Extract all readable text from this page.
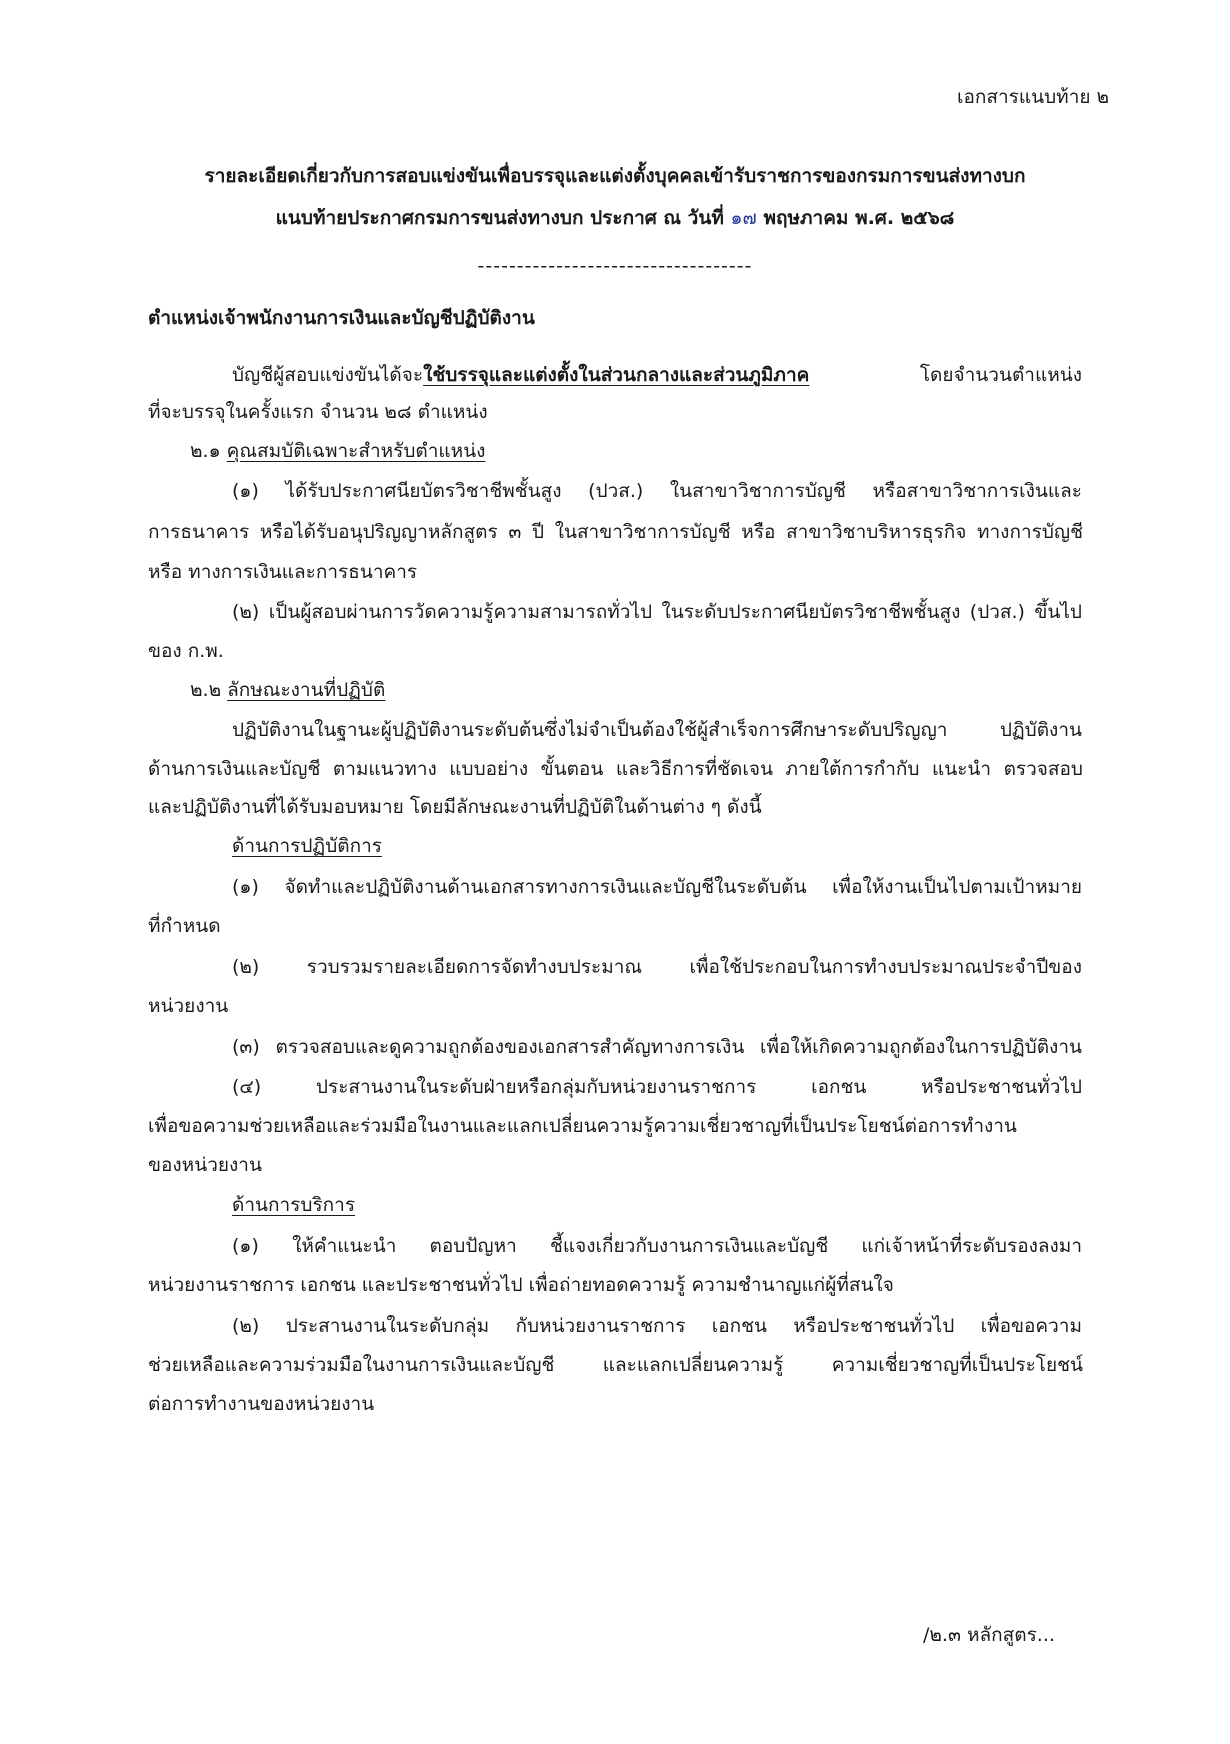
เอกสารแนบท้าย ๒
รายละเอียดเกี่ยวกับการสอบแข่งขันเพื่อบรรจุและแต่งตั้งบุคคลเข้ารับราชการของกรมการขนส่งทางบก
แนบท้ายประกาศกรมการขนส่งทางบก ประกาศ ณ วันที่ ๑๗ พฤษภาคม พ.ศ. ๒๕๖๘
-----------------------------------
ตำแหน่งเจ้าพนักงานการเงินและบัญชีปฏิบัติงาน
บัญชีผู้สอบแข่งขันได้จะใช้บรรจุและแต่งตั้งในส่วนกลางและส่วนภูมิภาค โดยจำนวนตำแหน่ง
ที่จะบรรจุในครั้งแรก จำนวน ๒๘ ตำแหน่ง
๒.๑ คุณสมบัติเฉพาะสำหรับตำแหน่ง
(๑) ได้รับประกาศนียบัตรวิชาชีพชั้นสูง (ปวส.) ในสาขาวิชาการบัญชี หรือสาขาวิชาการเงินและ
การธนาคาร หรือได้รับอนุปริญญาหลักสูตร ๓ ปี ในสาขาวิชาการบัญชี หรือ สาขาวิชาบริหารธุรกิจ ทางการบัญชี
หรือ ทางการเงินและการธนาคาร
(๒) เป็นผู้สอบผ่านการวัดความรู้ความสามารถทั่วไป ในระดับประกาศนียบัตรวิชาชีพชั้นสูง (ปวส.) ขึ้นไป
ของ ก.พ.
๒.๒ ลักษณะงานที่ปฏิบัติ
ปฏิบัติงานในฐานะผู้ปฏิบัติงานระดับต้นซึ่งไม่จำเป็นต้องใช้ผู้สำเร็จการศึกษาระดับปริญญา ปฏิบัติงาน
ด้านการเงินและบัญชี ตามแนวทาง แบบอย่าง ขั้นตอน และวิธีการที่ชัดเจน ภายใต้การกำกับ แนะนำ ตรวจสอบ
และปฏิบัติงานที่ได้รับมอบหมาย โดยมีลักษณะงานที่ปฏิบัติในด้านต่าง ๆ ดังนี้
ด้านการปฏิบัติการ
(๑) จัดทำและปฏิบัติงานด้านเอกสารทางการเงินและบัญชีในระดับต้น เพื่อให้งานเป็นไปตามเป้าหมาย
ที่กำหนด
(๒) รวบรวมรายละเอียดการจัดทำงบประมาณ เพื่อใช้ประกอบในการทำงบประมาณประจำปีของ
หน่วยงาน
(๓) ตรวจสอบและดูความถูกต้องของเอกสารสำคัญทางการเงิน เพื่อให้เกิดความถูกต้องในการปฏิบัติงาน
(๔) ประสานงานในระดับฝ่ายหรือกลุ่มกับหน่วยงานราชการ เอกชน หรือประชาชนทั่วไป
เพื่อขอความช่วยเหลือและร่วมมือในงานและแลกเปลี่ยนความรู้ความเชี่ยวชาญที่เป็นประโยชน์ต่อการทำงาน
ของหน่วยงาน
ด้านการบริการ
(๑) ให้คำแนะนำ ตอบปัญหา ชี้แจงเกี่ยวกับงานการเงินและบัญชี แก่เจ้าหน้าที่ระดับรองลงมา
หน่วยงานราชการ เอกชน และประชาชนทั่วไป เพื่อถ่ายทอดความรู้ ความชำนาญแก่ผู้ที่สนใจ
(๒) ประสานงานในระดับกลุ่ม กับหน่วยงานราชการ เอกชน หรือประชาชนทั่วไป เพื่อขอความ
ช่วยเหลือและความร่วมมือในงานการเงินและบัญชี และแลกเปลี่ยนความรู้ ความเชี่ยวชาญที่เป็นประโยชน์
ต่อการทำงานของหน่วยงาน
/๒.๓ หลักสูตร...
